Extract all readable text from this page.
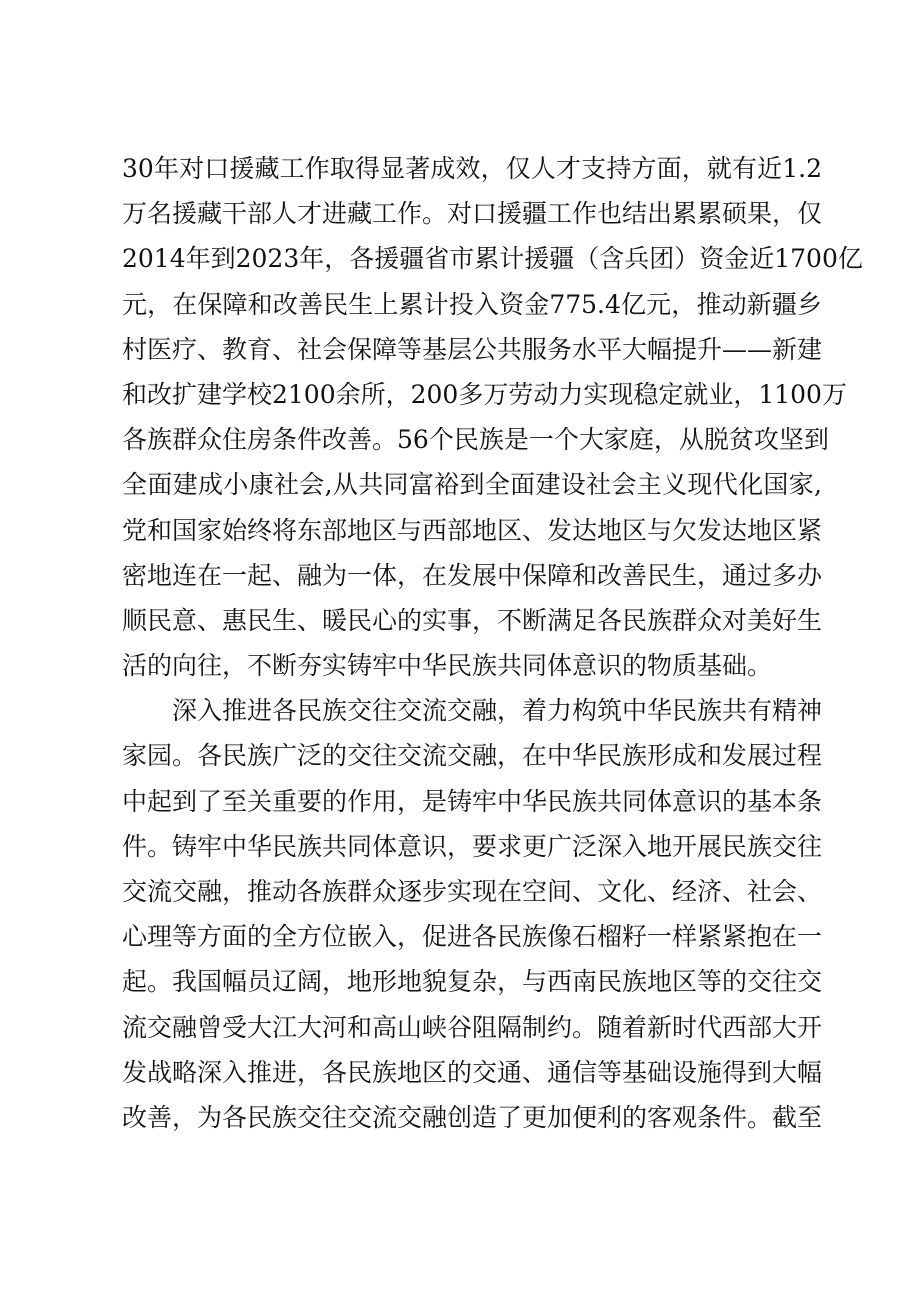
30年对口援藏工作取得显著成效，仅人才支持方面，就有近1.2
万名援藏干部人才进藏工作。对口援疆工作也结出累累硕果，仅
2014年到2023年，各援疆省市累计援疆（含兵团）资金近1700亿
元，在保障和改善民生上累计投入资金775.4亿元，推动新疆乡
村医疗、教育、社会保障等基层公共服务水平大幅提升——新建
和改扩建学校2100余所，200多万劳动力实现稳定就业，1100万
各族群众住房条件改善。56个民族是一个大家庭，从脱贫攻坚到
全面建成小康社会,从共同富裕到全面建设社会主义现代化国家,
党和国家始终将东部地区与西部地区、发达地区与欠发达地区紧
密地连在一起、融为一体，在发展中保障和改善民生，通过多办
顺民意、惠民生、暖民心的实事，不断满足各民族群众对美好生
活的向往，不断夯实铸牢中华民族共同体意识的物质基础。
深入推进各民族交往交流交融，着力构筑中华民族共有精神
家园。各民族广泛的交往交流交融，在中华民族形成和发展过程
中起到了至关重要的作用，是铸牢中华民族共同体意识的基本条
件。铸牢中华民族共同体意识，要求更广泛深入地开展民族交往
交流交融，推动各族群众逐步实现在空间、文化、经济、社会、
心理等方面的全方位嵌入，促进各民族像石榴籽一样紧紧抱在一
起。我国幅员辽阔，地形地貌复杂，与西南民族地区等的交往交
流交融曾受大江大河和高山峡谷阻隔制约。随着新时代西部大开
发战略深入推进，各民族地区的交通、通信等基础设施得到大幅
改善，为各民族交往交流交融创造了更加便利的客观条件。截至
